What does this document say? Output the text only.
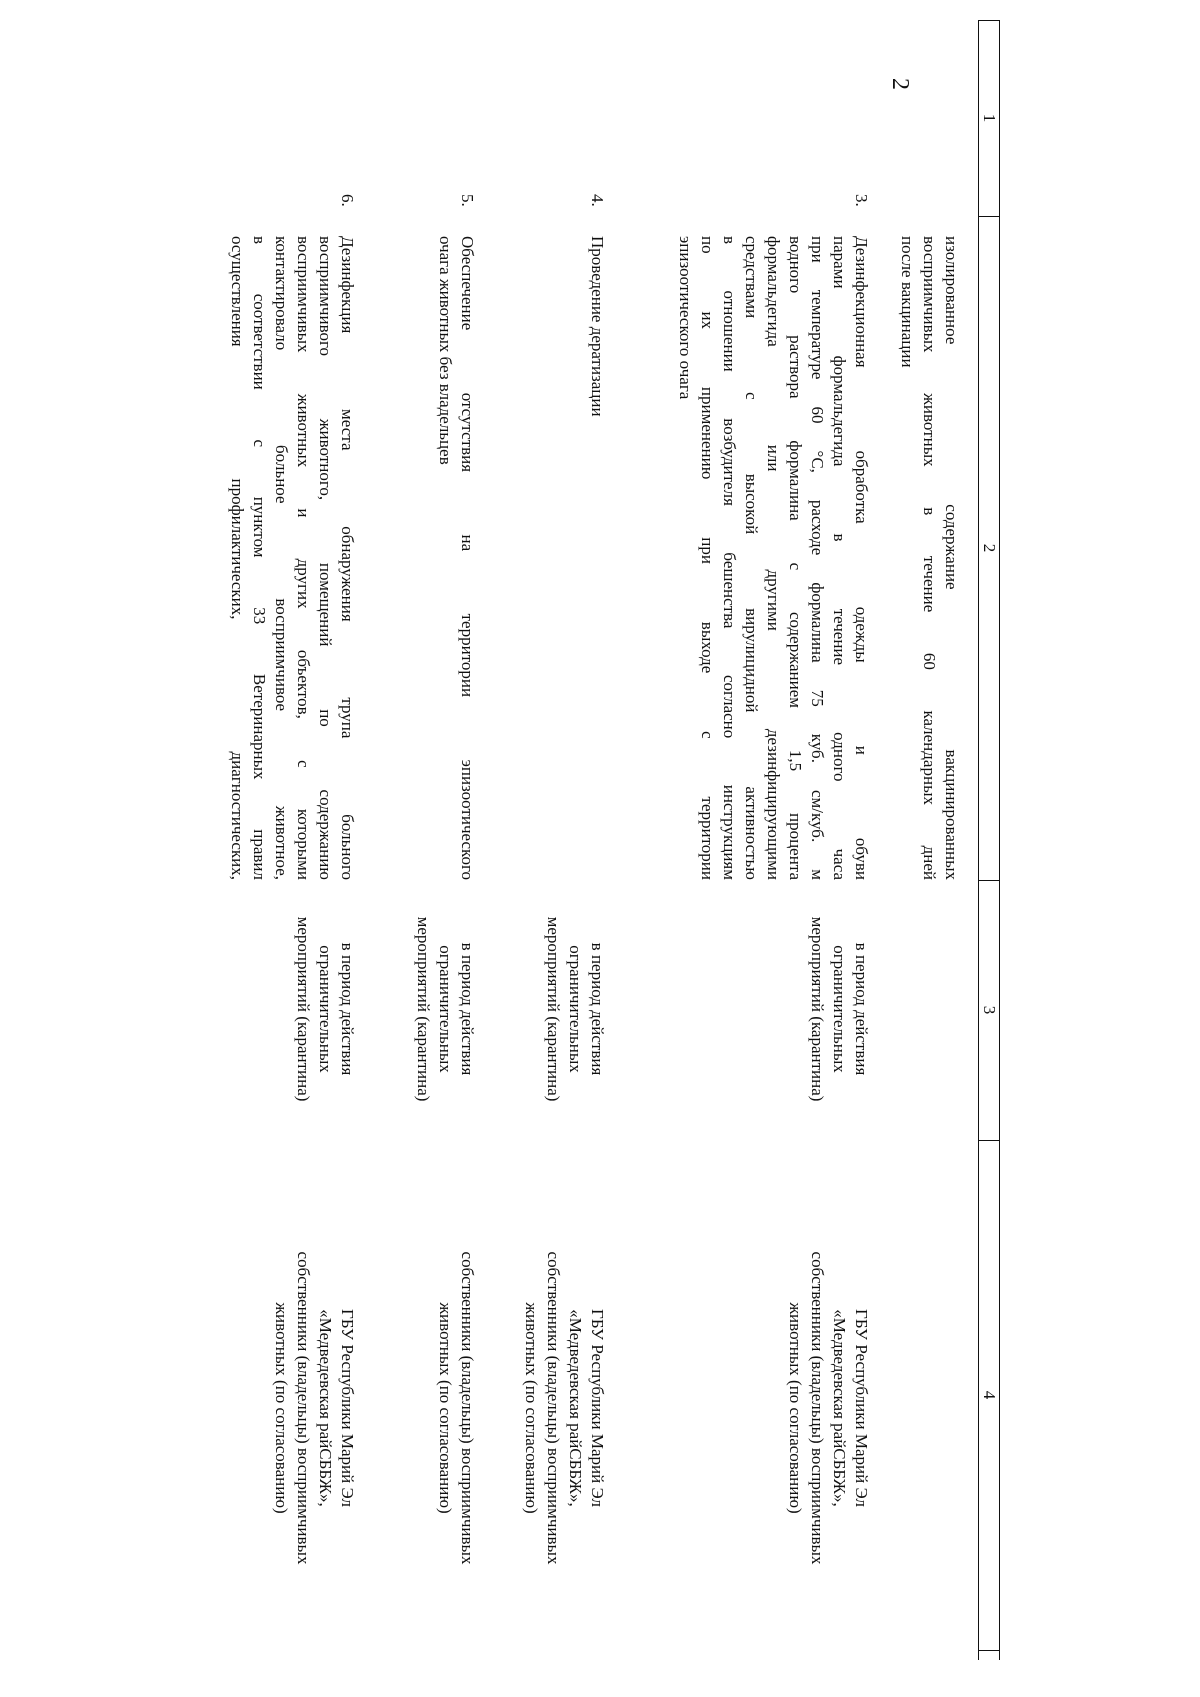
2
1
2
3
4
изолированное содержание вакцинированных
восприимчивых животных в течение 60 календарных дней
после вакцинации
3.
Дезинфекционная обработка одежды и обуви
парами формальдегида в течение одного часа
при температуре 60 °С, расходе формалина 75 куб. см/куб. м
водного раствора формалина с содержанием 1,5 процента
формальдегида или другими дезинфицирующими
средствами с высокой вирулицидной активностью
в отношении возбудителя бешенства согласно инструкциям
по их применению при выходе с территории
эпизоотического очага
в период действия
ограничительных
мероприятий (карантина)
ГБУ Республики Марий Эл
«Медведевская райСББЖ»,
собственники (владельцы) восприимчивых
животных (по согласованию)
4.
Проведение дератизации
в период действия
ограничительных
мероприятий (карантина)
ГБУ Республики Марий Эл
«Медведевская райСББЖ»,
собственники (владельцы) восприимчивых
животных (по согласованию)
5.
Обеспечение отсутствия на территории эпизоотического
очага животных без владельцев
в период действия
ограничительных
мероприятий (карантина)
собственники (владельцы) восприимчивых
животных (по согласованию)
6.
Дезинфекция места обнаружения трупа больного
восприимчивого животного, помещений по содержанию
восприимчивых животных и других объектов, с которыми
контактировало больное восприимчивое животное,
в соответствии с пунктом 33 Ветеринарных правил
осуществления профилактических, диагностических,
в период действия
ограничительных
мероприятий (карантина)
ГБУ Республики Марий Эл
«Медведевская райСББЖ»,
собственники (владельцы) восприимчивых
животных (по согласованию)
